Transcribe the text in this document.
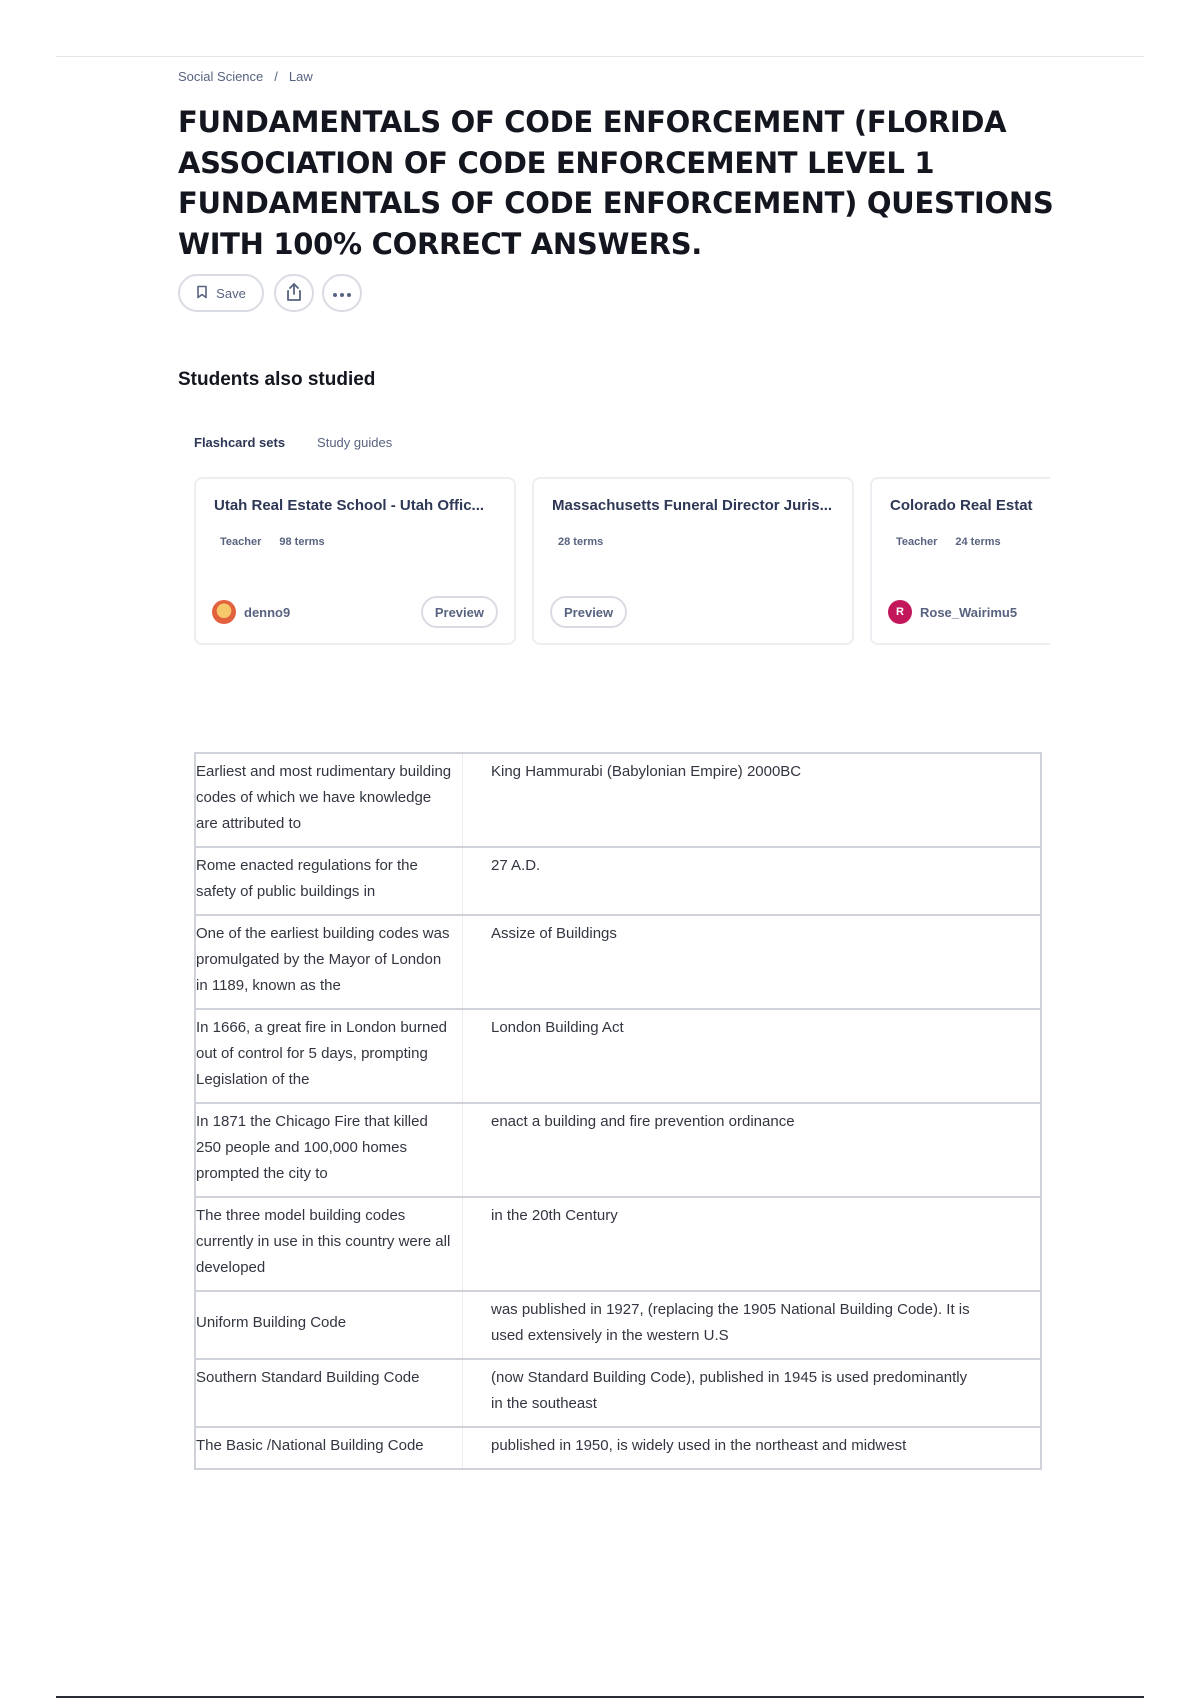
Social Science / Law
FUNDAMENTALS OF CODE ENFORCEMENT (FLORIDA ASSOCIATION OF CODE ENFORCEMENT LEVEL 1 FUNDAMENTALS OF CODE ENFORCEMENT) QUESTIONS WITH 100% CORRECT ANSWERS.
Save
Students also studied
Flashcard sets Study guides
Utah Real Estate School - Utah Offic...
Teacher 98 terms
denno9	Preview
Massachusetts Funeral Director Juris...
28 terms
Preview
Colorado Real Estat
Teacher 24 terms
R	Rose_Wairimu5
Earliest and most rudimentary building codes of which we have knowledge are attributed to	King Hammurabi (Babylonian Empire) 2000BC
Rome enacted regulations for the safety of public buildings in	27 A.D.
One of the earliest building codes was promulgated by the Mayor of London in 1189, known as the	Assize of Buildings
In 1666, a great fire in London burned out of control for 5 days, prompting Legislation of the	London Building Act
In 1871 the Chicago Fire that killed 250 people and 100,000 homes prompted the city to	enact a building and fire prevention ordinance
The three model building codes currently in use in this country were all developed	in the 20th Century
Uniform Building Code	was published in 1927, (replacing the 1905 National Building Code). It is used extensively in the western U.S
Southern Standard Building Code	(now Standard Building Code), published in 1945 is used predominantly in the southeast
The Basic /National Building Code	published in 1950, is widely used in the northeast and midwest
